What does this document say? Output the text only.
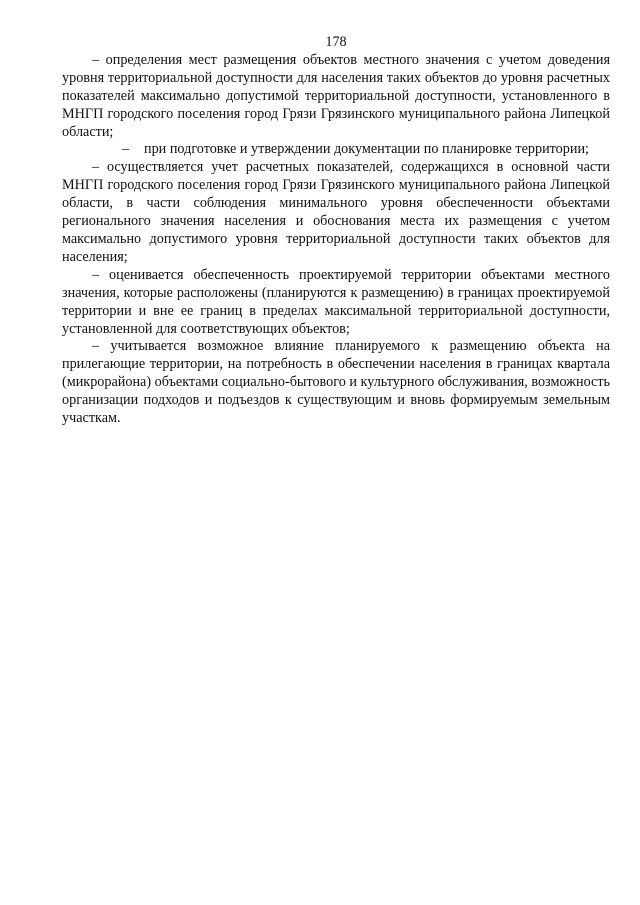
178

– определения мест размещения объектов местного значения с учетом доведения уровня территориальной доступности для населения таких объектов до уровня расчетных показателей максимально допустимой территориальной доступности, установленного в МНГП городского поселения город Грязи Грязинского муниципального района Липецкой области;

– при подготовке и утверждении документации по планировке территории;

– осуществляется учет расчетных показателей, содержащихся в основной части МНГП городского поселения город Грязи Грязинского муниципального района Липецкой области, в части соблюдения минимального уровня обеспеченности объектами регионального значения населения и обоснования места их размещения с учетом максимально допустимого уровня территориальной доступности таких объектов для населения;

– оценивается обеспеченность проектируемой территории объектами местного значения, которые расположены (планируются к размещению) в границах проектируемой территории и вне ее границ в пределах максимальной территориальной доступности, установленной для соответствующих объектов;

– учитывается возможное влияние планируемого к размещению объекта на прилегающие территории, на потребность в обеспечении населения в границах квартала (микрорайона) объектами социально-бытового и культурного обслуживания, возможность организации подходов и подъездов к существующим и вновь формируемым земельным участкам.
